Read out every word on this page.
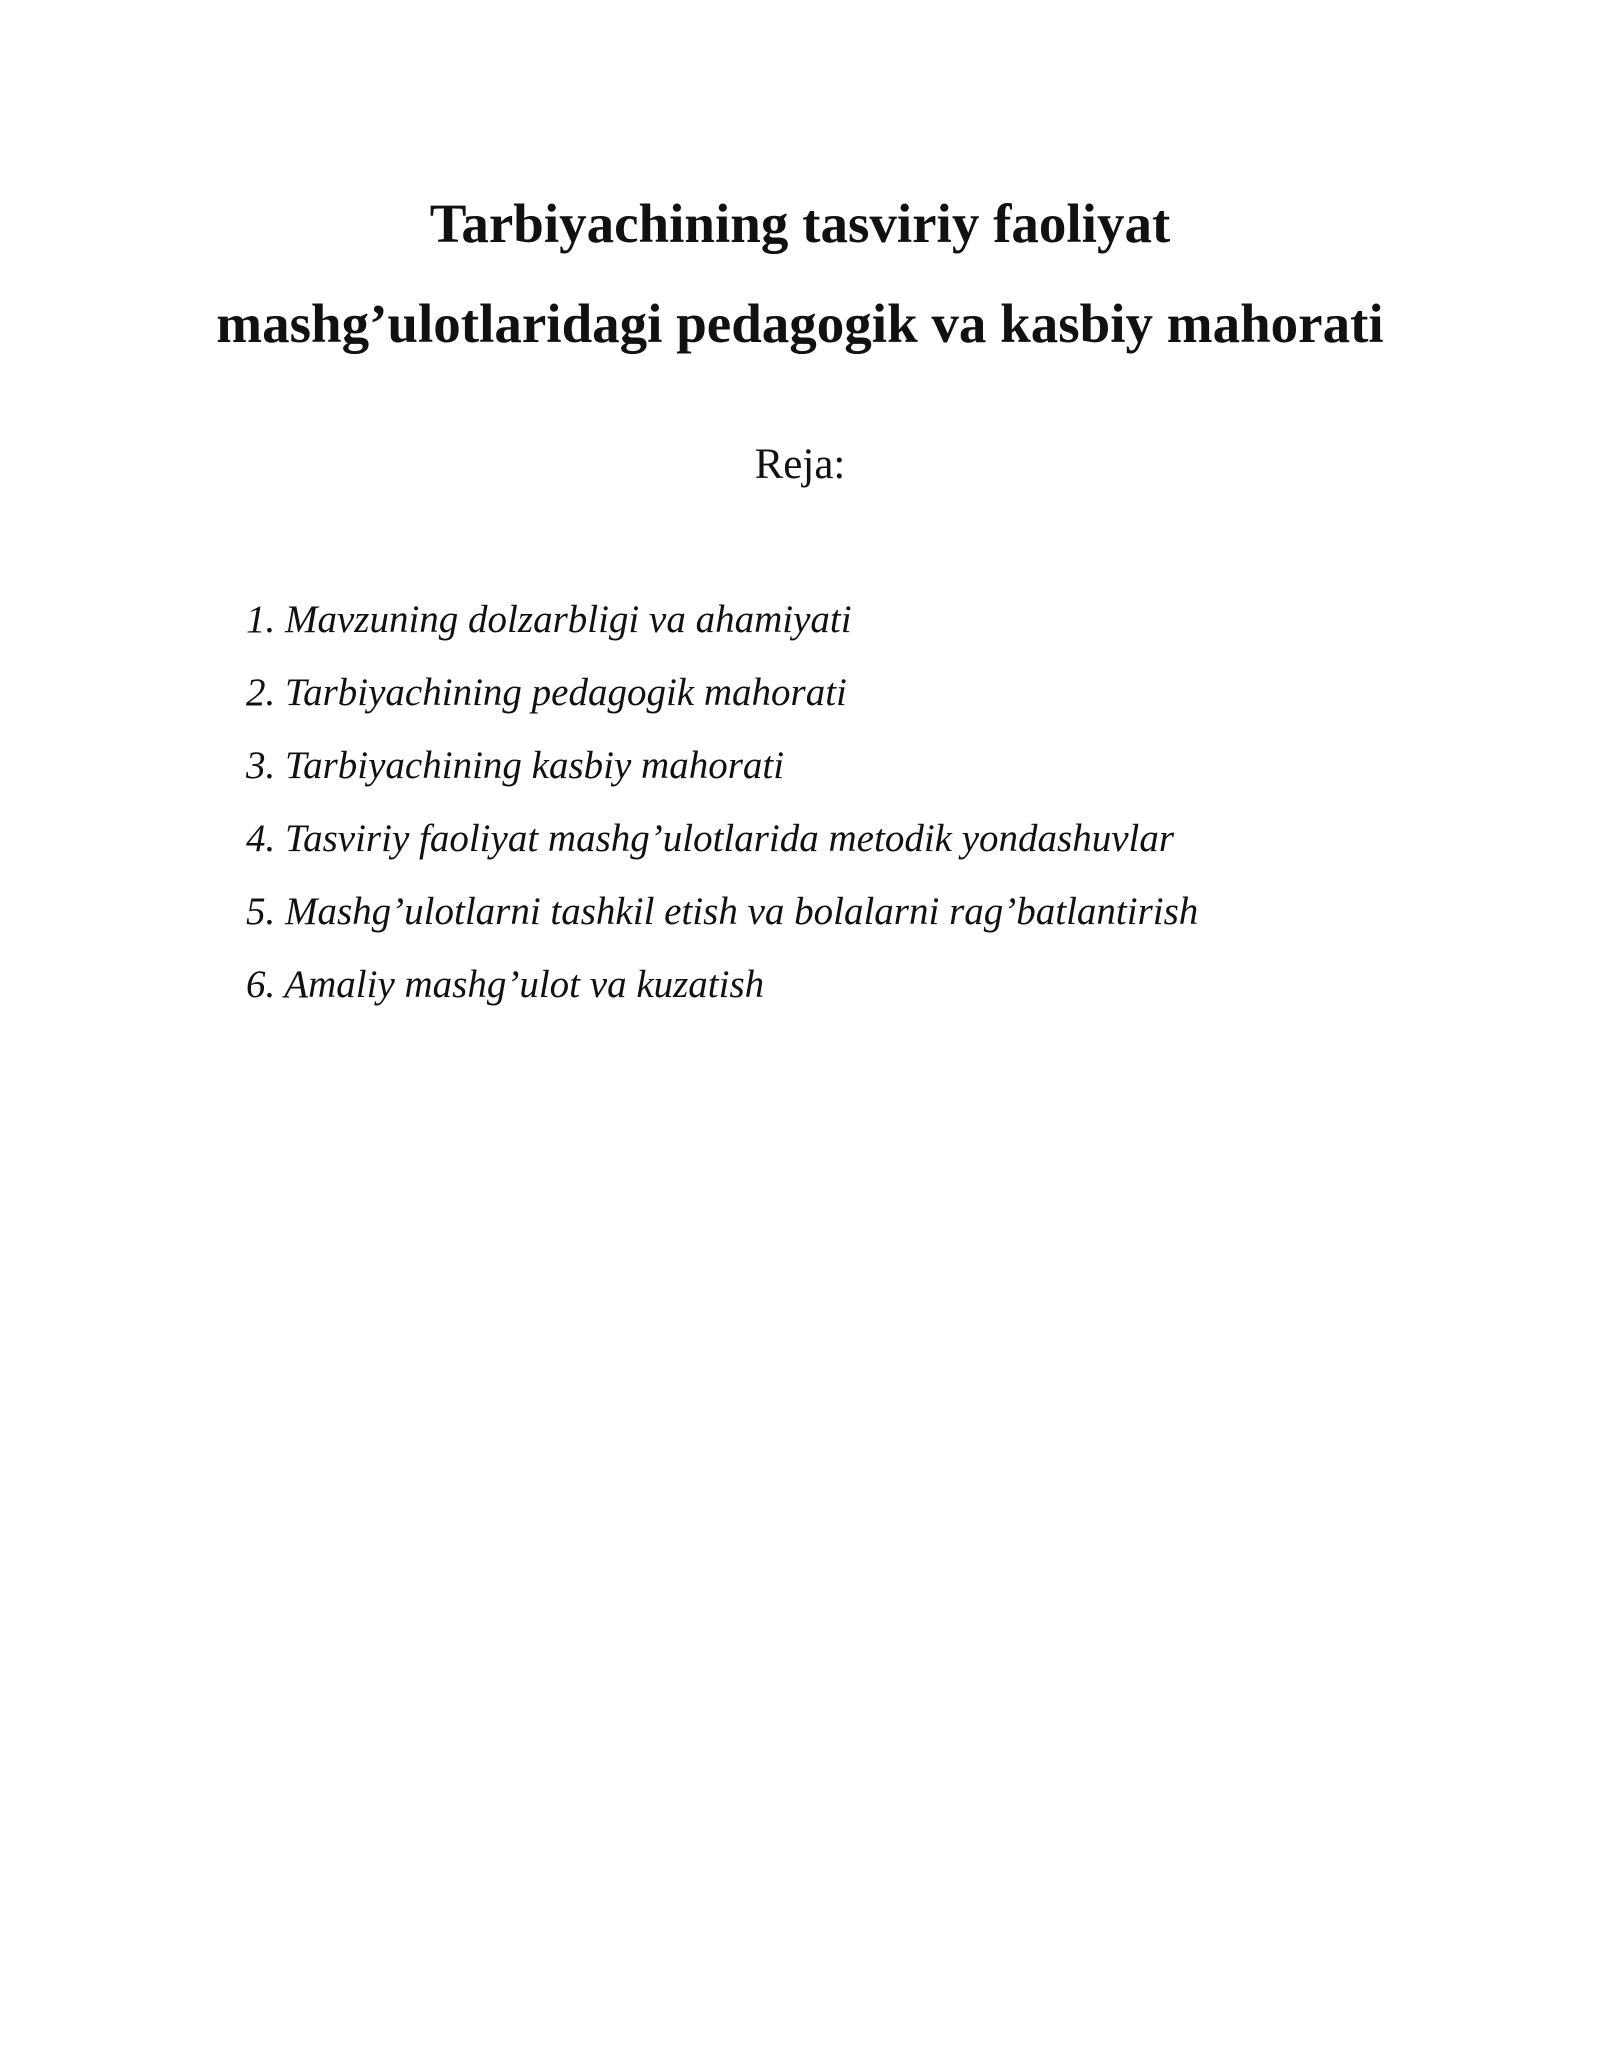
Tarbiyachining tasviriy faoliyat
mashg’ulotlaridagi pedagogik va kasbiy mahorati

Reja:

1. Mavzuning dolzarbligi va ahamiyati
2. Tarbiyachining pedagogik mahorati
3. Tarbiyachining kasbiy mahorati
4. Tasviriy faoliyat mashg’ulotlarida metodik yondashuvlar
5. Mashg’ulotlarni tashkil etish va bolalarni rag’batlantirish
6. Amaliy mashg’ulot va kuzatish
